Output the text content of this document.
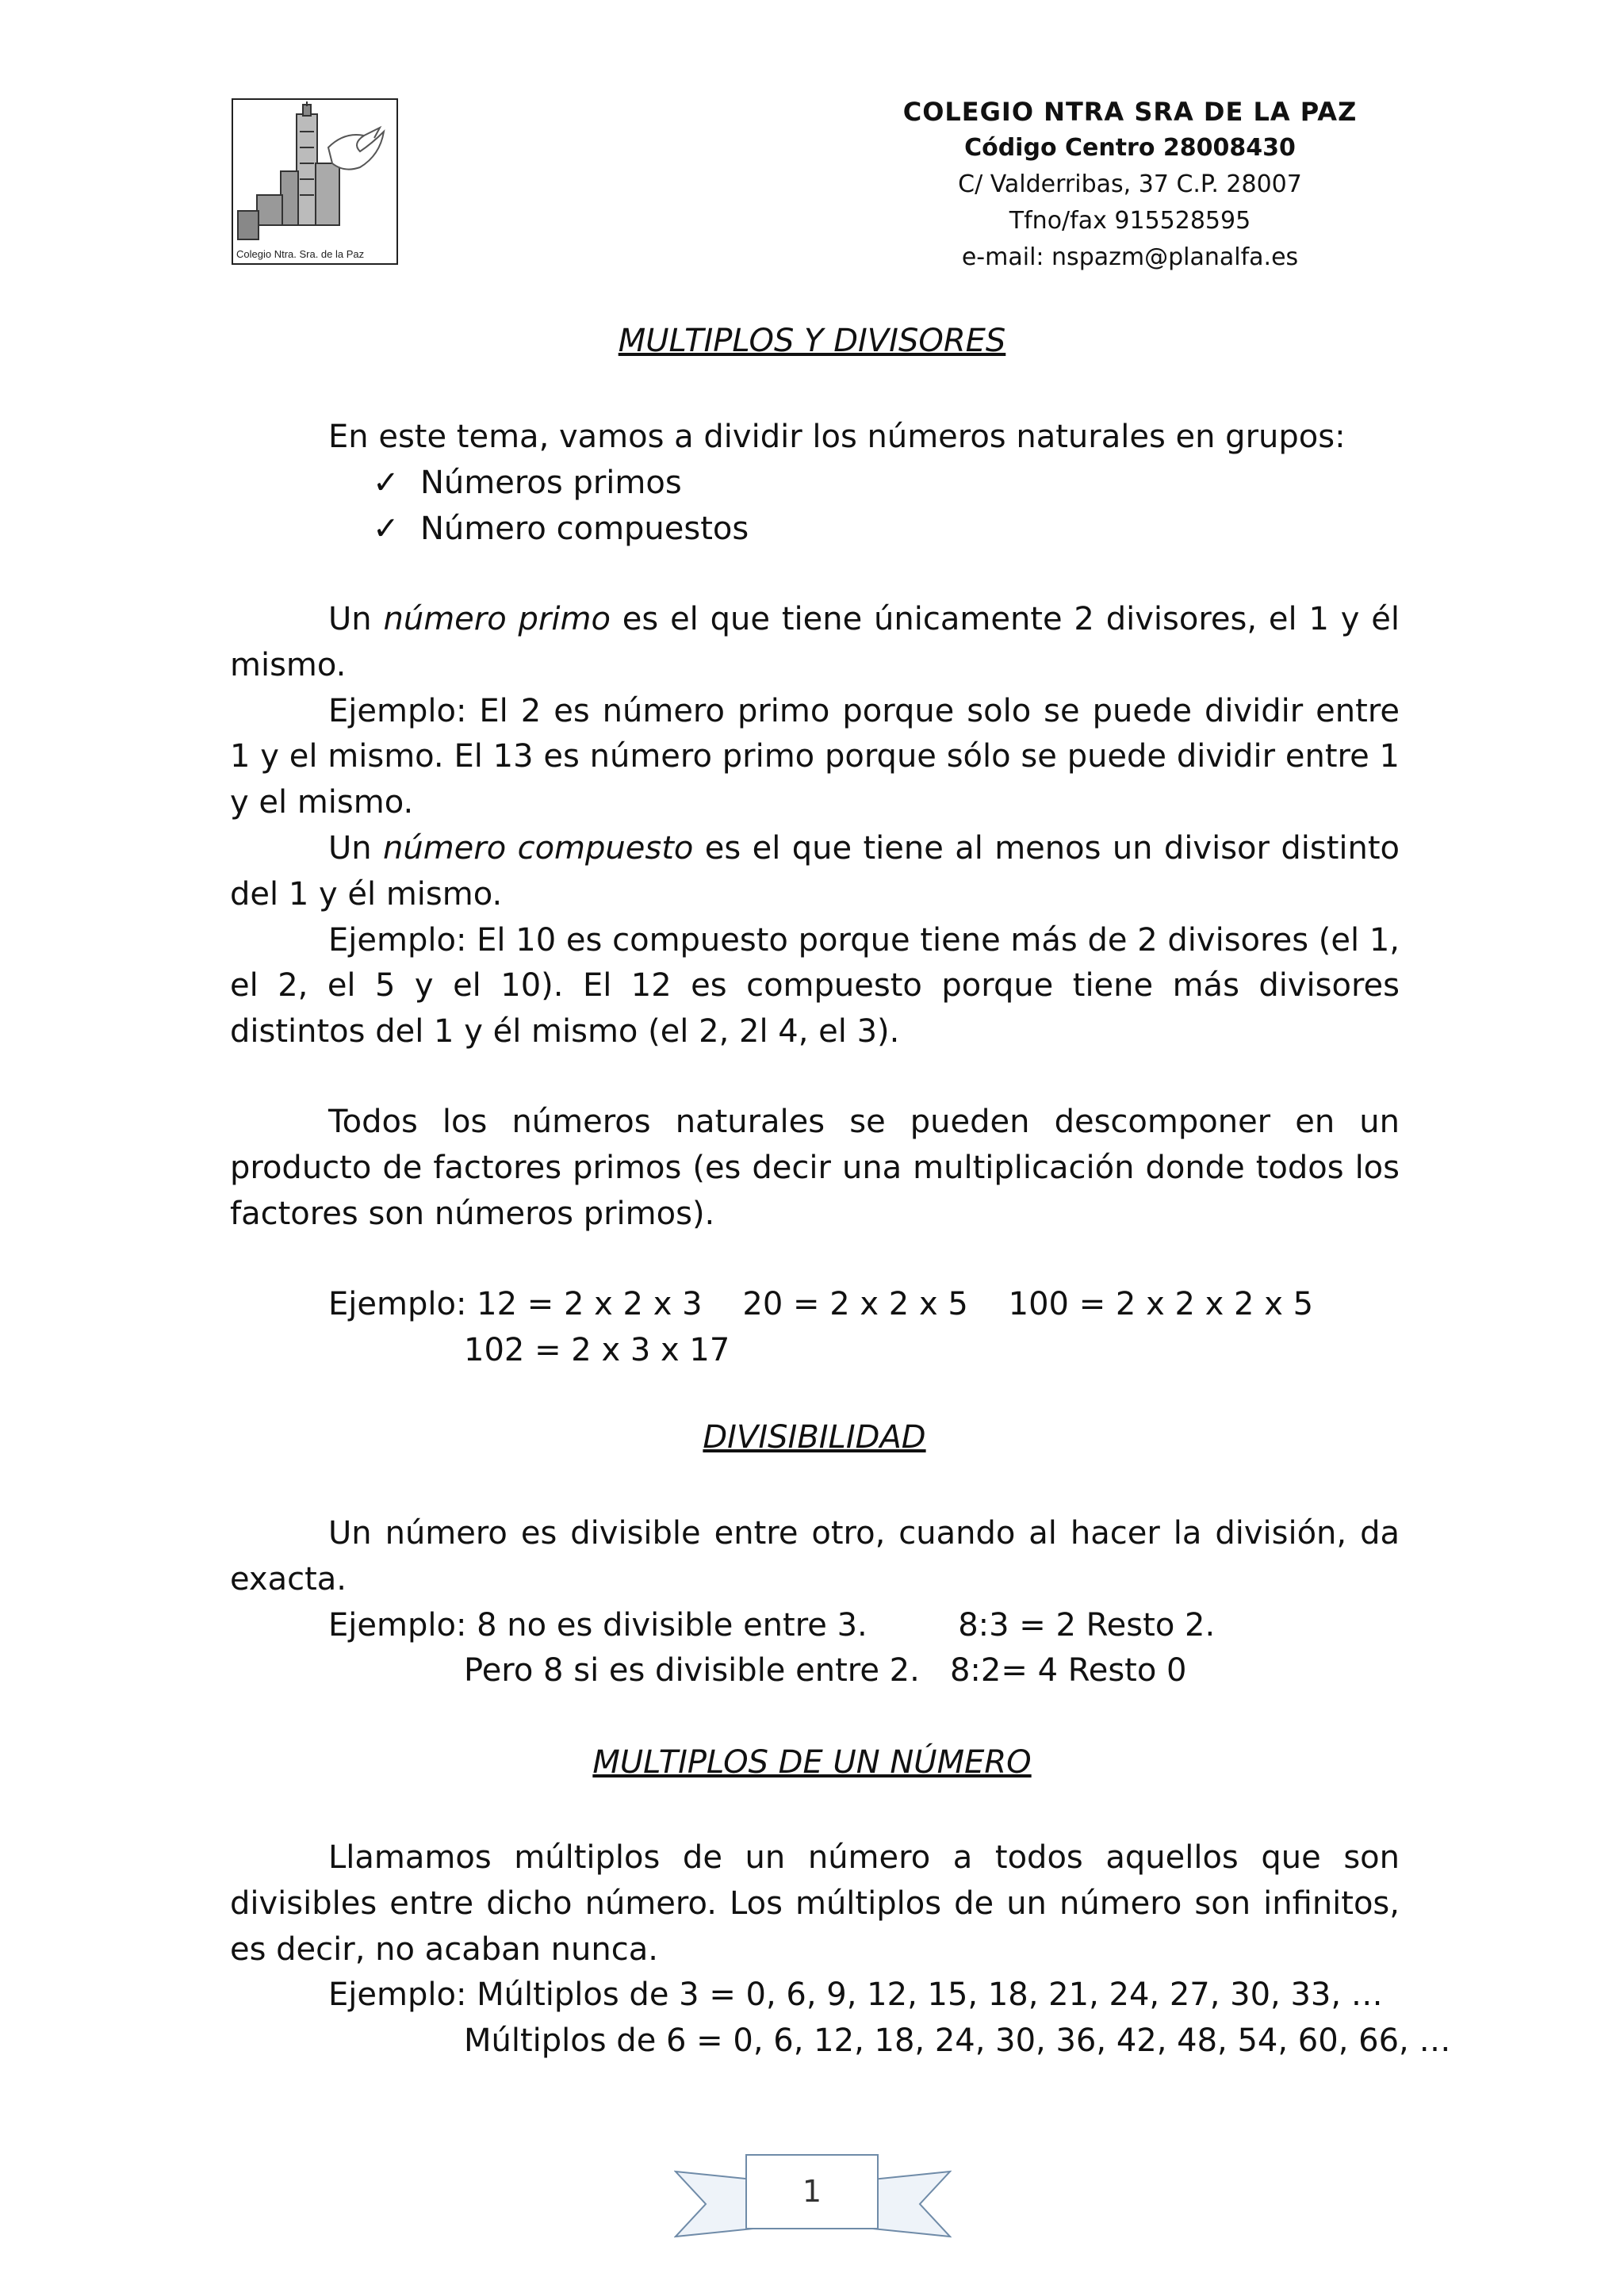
Colegio Ntra. Sra. de la Paz
COLEGIO NTRA SRA DE LA PAZ
Código Centro 28008430
C/ Valderribas, 37 C.P. 28007
Tfno/fax 915528595
e-mail: nspazm@planalfa.es
MULTIPLOS Y DIVISORES
En este tema, vamos a dividir los números naturales en grupos:
✓ Números primos
✓ Número compuestos
Un número primo es el que tiene únicamente 2 divisores, el 1 y él mismo.
Ejemplo: El 2 es número primo porque solo se puede dividir entre 1 y el mismo. El 13 es número primo porque sólo se puede dividir entre 1 y el mismo.
Un número compuesto es el que tiene al menos un divisor distinto del 1 y él mismo.
Ejemplo: El 10 es compuesto porque tiene más de 2 divisores (el 1, el 2, el 5 y el 10). El 12 es compuesto porque tiene más divisores distintos del 1 y él mismo (el 2, 2l 4, el 3).
Todos los números naturales se pueden descomponer en un producto de factores primos (es decir una multiplicación donde todos los factores son números primos).
Ejemplo: 12 = 2 x 2 x 3    20 = 2 x 2 x 5    100 = 2 x 2 x 2 x 5
102 = 2 x 3 x 17
DIVISIBILIDAD
Un número es divisible entre otro, cuando al hacer la división, da exacta.
Ejemplo: 8 no es divisible entre 3.         8:3 = 2 Resto 2.
Pero 8 si es divisible entre 2.   8:2= 4 Resto 0
MULTIPLOS DE UN NÚMERO
Llamamos múltiplos de un número a todos aquellos que son divisibles entre dicho número. Los múltiplos de un número son infinitos, es decir, no acaban nunca.
Ejemplo: Múltiplos de 3 = 0, 6, 9, 12, 15, 18, 21, 24, 27, 30, 33, …
Múltiplos de 6 = 0, 6, 12, 18, 24, 30, 36, 42, 48, 54, 60, 66, …
1
